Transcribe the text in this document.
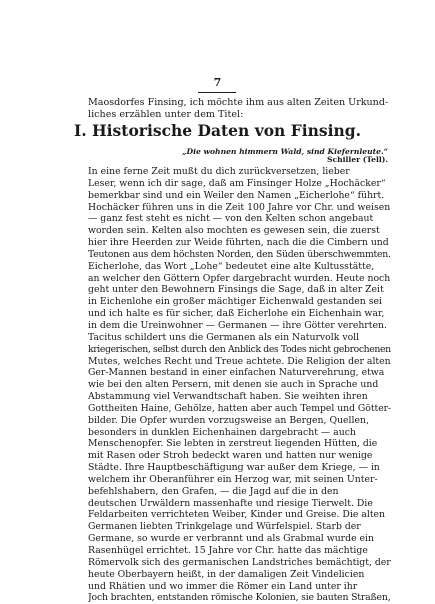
7
Maosdorfes Finsing, ich möchte ihm aus alten Zeiten Urkund-
liches erzählen unter dem Titel:
I. Historische Daten von Finsing.
„Die wohnen himmern Wald, sind Kiefernleute.“
Schiller (Tell).
In eine ferne Zeit mußt du dich zurückversetzen, lieber
Leser, wenn ich dir sage, daß am Finsinger Holze „Hochäcker“
bemerkbar sind und ein Weiler den Namen „Eicherlohe“ führt.
Hochäcker führen uns in die Zeit 100 Jahre vor Chr. und weisen
— ganz fest steht es nicht — von den Kelten schon angebaut
worden sein. Kelten also mochten es gewesen sein, die zuerst
hier ihre Heerden zur Weide führten, nach die die Cimbern und
Teutonen aus dem höchsten Norden, den Süden überschwemmten.
Eicherlohe, das Wort „Lohe“ bedeutet eine alte Kultusstätte,
an welcher den Göttern Opfer dargebracht wurden. Heute noch
geht unter den Bewohnern Finsings die Sage, daß in alter Zeit
in Eichenlohe ein großer mächtiger Eichenwald gestanden sei
und ich halte es für sicher, daß Eicherlohe ein Eichenhain war,
in dem die Ureinwohner — Germanen — ihre Götter verehrten.
Tacitus schildert uns die Germanen als ein Naturvolk voll
kriegerischen, selbst durch den Anblick des Todes nicht gebrochenen
Mutes, welches Recht und Treue achtete. Die Religion der alten
Ger-Mannen bestand in einer einfachen Naturverehrung, etwa
wie bei den alten Persern, mit denen sie auch in Sprache und
Abstammung viel Verwandtschaft haben. Sie weihten ihren
Gottheiten Haine, Gehölze, hatten aber auch Tempel und Götter-
bilder. Die Opfer wurden vorzugsweise an Bergen, Quellen,
besonders in dunklen Eichenhainen dargebracht — auch
Menschenopfer. Sie lebten in zerstreut liegenden Hütten, die
mit Rasen oder Stroh bedeckt waren und hatten nur wenige
Städte. Ihre Hauptbeschäftigung war außer dem Kriege, — in
welchem ihr Oberanführer ein Herzog war, mit seinen Unter-
befehlshabern, den Grafen, — die Jagd auf die in den
deutschen Urwäldern massenhafte und riesige Tierwelt. Die
Feldarbeiten verrichteten Weiber, Kinder und Greise. Die alten
Germanen liebten Trinkgelage und Würfelspiel. Starb der
Germane, so wurde er verbrannt und als Grabmal wurde ein
Rasenhügel errichtet. 15 Jahre vor Chr. hatte das mächtige
Römervolk sich des germanischen Landstriches bemächtigt, der
heute Oberbayern heißt, in der damaligen Zeit Vindelicien
und Rhätien und wo immer die Römer ein Land unter ihr
Joch brachten, entstanden römische Kolonien, sie bauten Straßen,
